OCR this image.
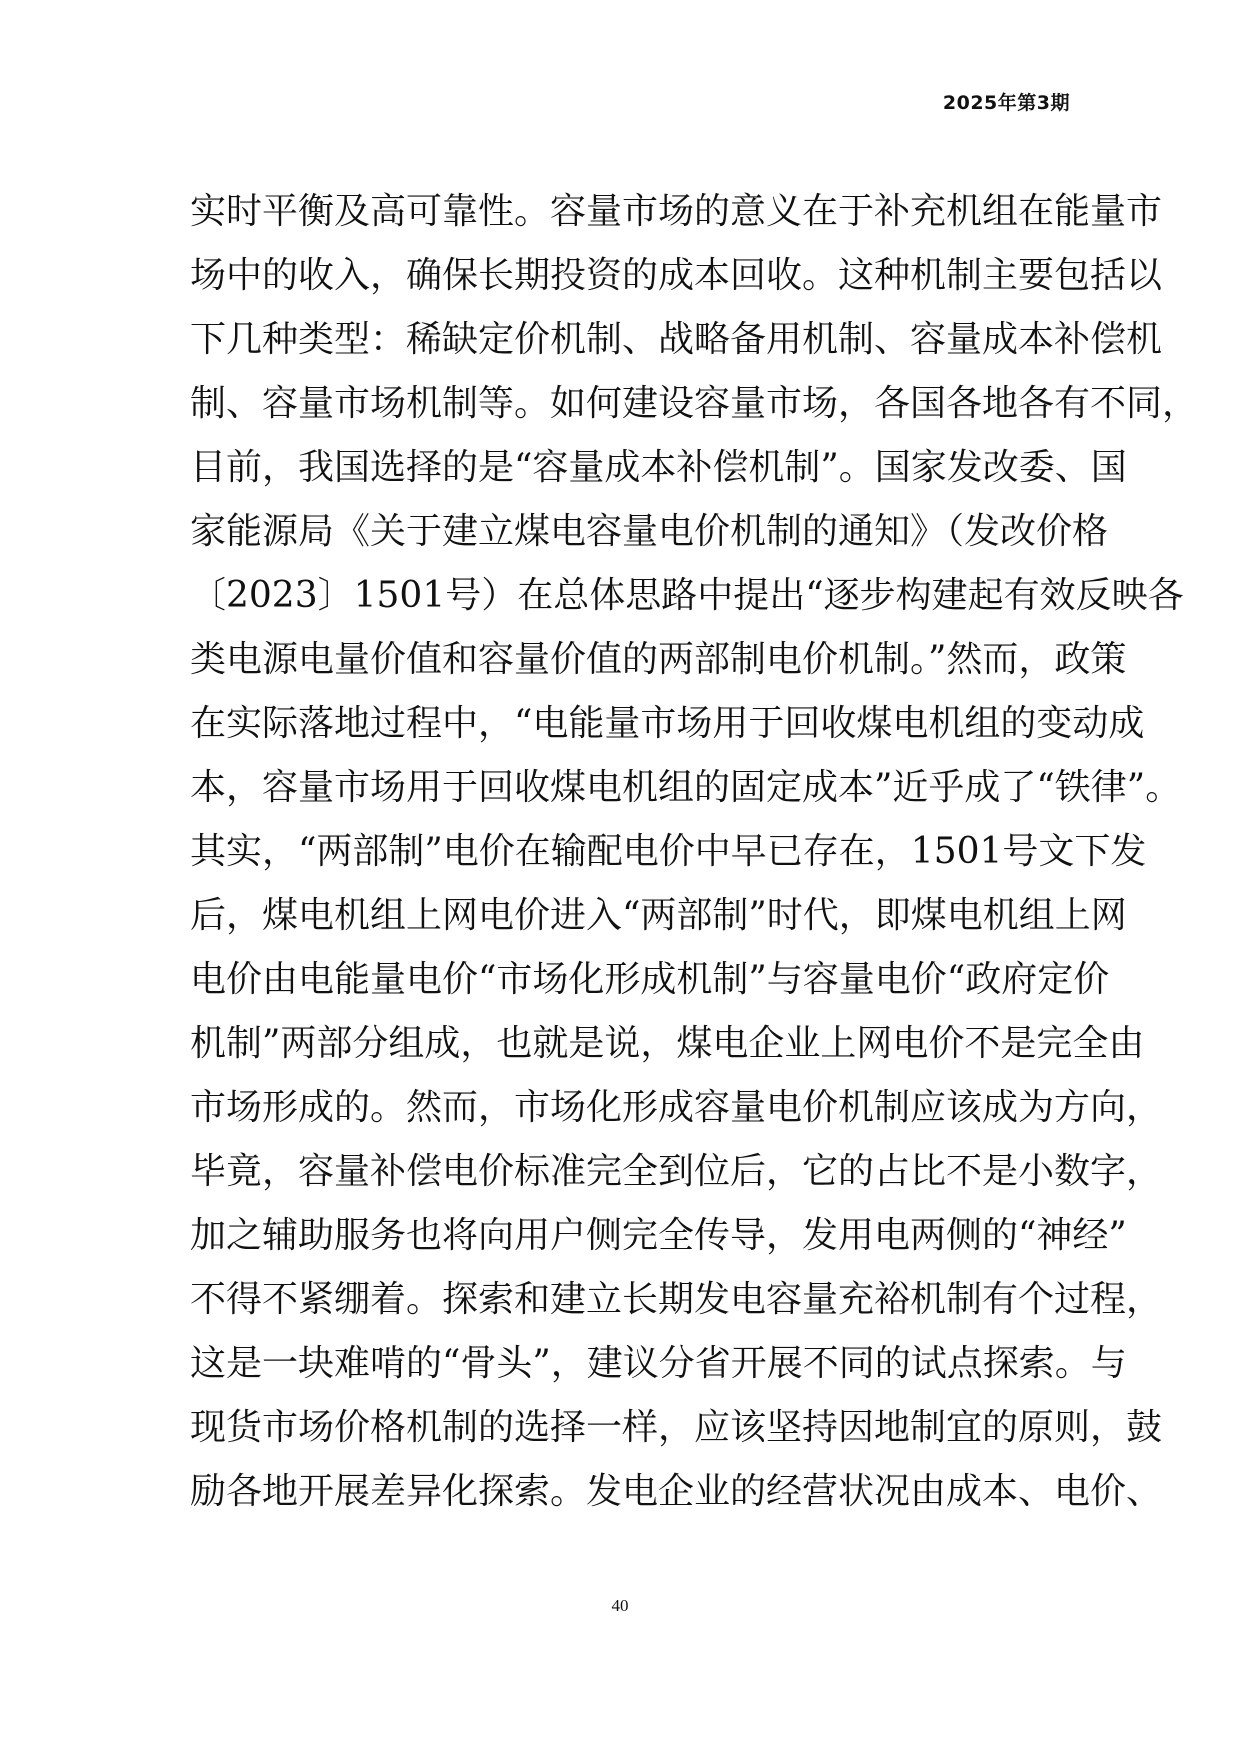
2025年第3期
实时平衡及高可靠性。容量市场的意义在于补充机组在能量市
场中的收入，确保长期投资的成本回收。这种机制主要包括以
下几种类型：稀缺定价机制、战略备用机制、容量成本补偿机
制、容量市场机制等。如何建设容量市场，各国各地各有不同，
目前，我国选择的是“容量成本补偿机制”。国家发改委、国
家能源局《关于建立煤电容量电价机制的通知》（发改价格
〔2023〕1501号）在总体思路中提出“逐步构建起有效反映各
类电源电量价值和容量价值的两部制电价机制。”然而，政策
在实际落地过程中，“电能量市场用于回收煤电机组的变动成
本，容量市场用于回收煤电机组的固定成本”近乎成了“铁律”。
其实，“两部制”电价在输配电价中早已存在，1501号文下发
后，煤电机组上网电价进入“两部制”时代，即煤电机组上网
电价由电能量电价“市场化形成机制”与容量电价“政府定价
机制”两部分组成，也就是说，煤电企业上网电价不是完全由
市场形成的。然而，市场化形成容量电价机制应该成为方向，
毕竟，容量补偿电价标准完全到位后，它的占比不是小数字，
加之辅助服务也将向用户侧完全传导，发用电两侧的“神经”
不得不紧绷着。探索和建立长期发电容量充裕机制有个过程，
这是一块难啃的“骨头”，建议分省开展不同的试点探索。与
现货市场价格机制的选择一样，应该坚持因地制宜的原则，鼓
励各地开展差异化探索。发电企业的经营状况由成本、电价、
40
